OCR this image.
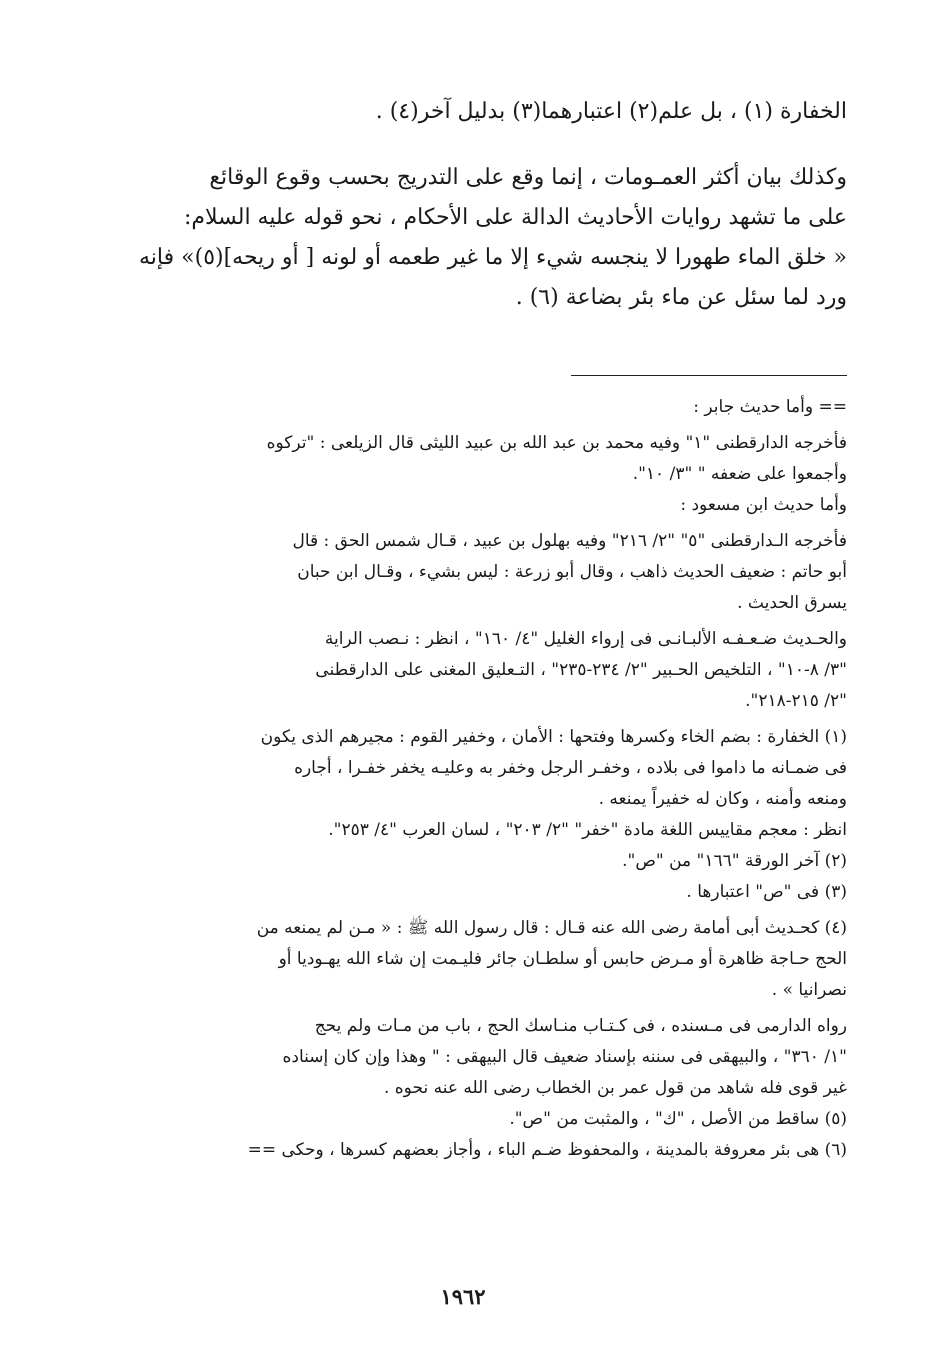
الخفارة (١) ، بل علم(٢) اعتبارهما(٣) بدليل آخر(٤) .

وكذلك بيان أكثر العمـومات ، إنما وقع على التدريج بحسب وقوع الوقائع
على ما تشهد روايات الأحاديث الدالة على الأحكام ، نحو قوله عليه السلام:
« خلق الماء طهورا لا ينجسه شيء إلا ما غير طعمه أو لونه [ أو ريحه](٥)» فإنه
ورد لما سئل عن ماء بئر بضاعة (٦) .
== وأما حديث جابر :
فأخرجه الدارقطنى "١" وفيه محمد بن عبد الله بن عبيد الليثى قال الزيلعى : "تركوه
وأجمعوا على ضعفه " "٣/ ١٠".
وأما حديث ابن مسعود :
فأخرجه الـدارقطنى "٥" "٢/ ٢١٦" وفيه بهلول بن عبيد ، قـال شمس الحق : قال
أبو حاتم : ضعيف الحديث ذاهب ، وقال أبو زرعة : ليس بشيء ، وقـال ابن حبان
يسرق الحديث .
والحـديث ضـعـفـه الألبـانـى فى إرواء الغليل "٤/ ١٦٠" ، انظر : نـصب الراية
"٣/ ٨-١٠" ، التلخيص الحـبير "٢/ ٢٣٤-٢٣٥" ، التـعليق المغنى على الدارقطنى
"٢/ ٢١٥-٢١٨".
(١) الخفارة : بضم الخاء وكسرها وفتحها : الأمان ، وخفير القوم : مجيرهم الذى يكون
فى ضمـانه ما داموا فى بلاده ، وخفـر الرجل وخفر به وعليـه يخفر خفـرا ، أجاره
ومنعه وأمنه ، وكان له خفيراً يمنعه .
انظر : معجم مقاييس اللغة مادة "خفر" "٢/ ٢٠٣" ، لسان العرب "٤/ ٢٥٣".
(٢) آخر الورقة "١٦٦" من "ص".
(٣) فى "ص" اعتبارها .
(٤) كحـديث أبى أمامة رضى الله عنه قـال : قال رسول الله ﷺ : « مـن لم يمنعه من
الحج حـاجة ظاهرة أو مـرض حابس أو سلطـان جائر فليـمت إن شاء الله يهـوديا أو
نصرانيا » .
رواه الدارمى فى مـسنده ، فى كـتـاب منـاسك الحج ، باب من مـات ولم يحج
"١/ ٣٦٠" ، والبيهقى فى سننه بإسناد ضعيف قال البيهقى : " وهذا وإن كان إسناده
غير قوى فله شاهد من قول عمر بن الخطاب رضى الله عنه نحوه .
(٥) ساقط من الأصل ، "ك" ، والمثبت من "ص".
(٦) هى بئر معروفة بالمدينة ، والمحفوظ ضـم الباء ، وأجاز بعضهم كسرها ، وحكى ==
١٩٦٢
